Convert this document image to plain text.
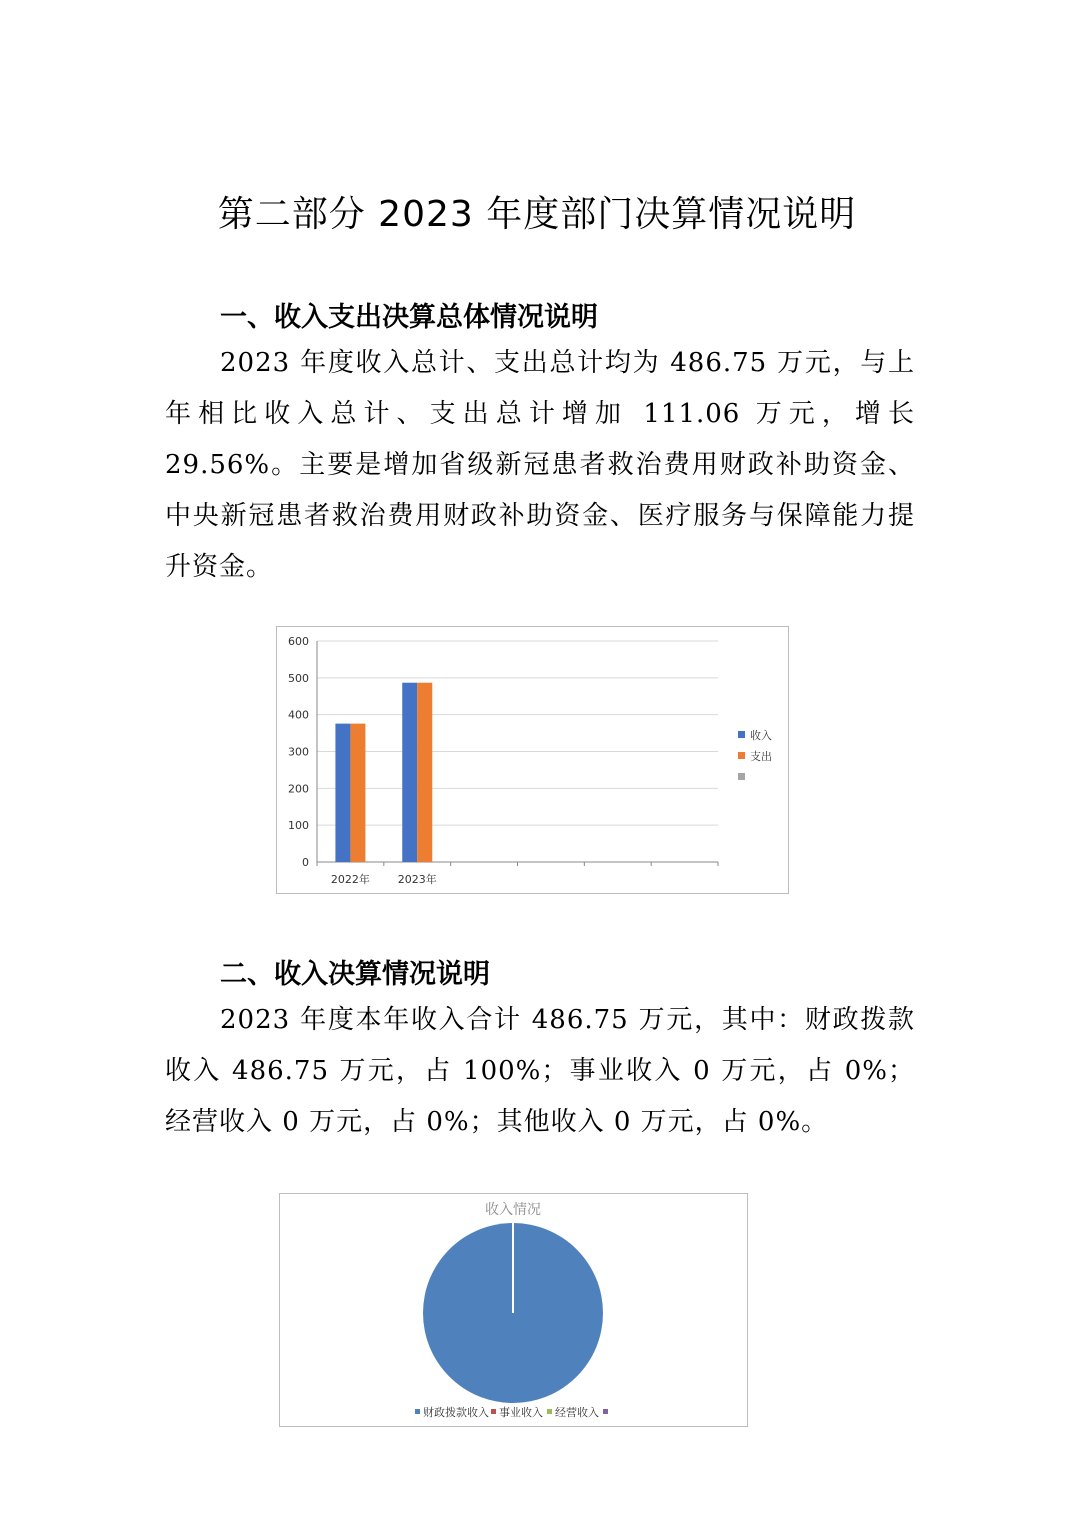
第二部分 2023 年度部门决算情况说明
一、收入支出决算总体情况说明
2023 年度收入总计、支出总计均为 486.75 万元，与上年相比收入总计、支出总计增加 111.06 万元，增长 29.56%。主要是增加省级新冠患者救治费用财政补助资金、中央新冠患者救治费用财政补助资金、医疗服务与保障能力提升资金。
0
100
200
300
400
500
600
2022年	2023年
收入
支出
二、收入决算情况说明
2023 年度本年收入合计 486.75 万元，其中：财政拨款收入 486.75 万元，占 100%；事业收入 0 万元，占 0%；经营收入 0 万元，占 0%；其他收入 0 万元，占 0%。
收入情况
财政拨款收入 事业收入 经营收入
